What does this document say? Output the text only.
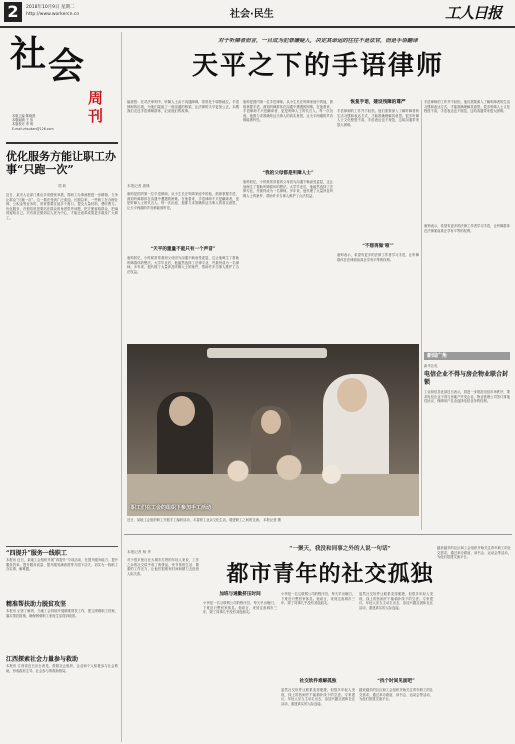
2	2018年10月9日 星期二
http://www.workercn.cn	社会·民生	工人日报
社 会
周
刊
本版主编 陈晓燕
本版编辑 王 伟
本版校对 李 明
E-mail:zhoukan@126.com
优化服务方能让职工办事“只跑一次”
郑 莉
近日，某市人社部门推出多项便民举措，将职工办事流程进一步精简，力争让群众“只跑一次”。这一做法受到广泛欢迎。长期以来，一些职工在办理社保、公积金等业务时，常常需要往返多个窗口，提交大量材料，费时费力。优化服务，归根结底是要站在群众的角度思考问题，把方便留给群众，把麻烦留给自己。只有真正做到以人民为中心，才能让改革成果更多惠及广大职工。
“四提升”服务一线职工
本报讯 近日，某地工会组织开展“四提升”专项活动，在提升服务能力、提升服务效率、提升服务质量、提升服务满意度等方面下功夫，切实为一线职工办实事、解难题。
精准帮扶助力脱贫攻坚
本报讯 记者了解到，当地工会持续开展精准帮扶工作，建立困难职工档案，落实帮扶措施，确保困难职工家庭生活得到改善。
江西探索社会力量参与救助
本报讯 江西省近日出台意见，鼓励社会组织、企业和个人积极参与社会救助，形成政府主导、社会参与的救助格局。
对于听障者而言，一旦成为犯罪嫌疑人，决定其命运的往往不是法官，而是手语翻译
天平之下的手语律师
编者按：在司法审判中，听障人士由于沟通障碍，常常处于弱势地位。手语律师的出现，为他们架起了一座沟通的桥梁，让法律的天平更加公正。本期我们走近手语律师群体，记录他们的故事。
本报记者 唐姝
唐帅是国内第一位手语律师。从小生长在听障家庭中的他，熟练掌握手语，深知听障群体在沟通中遭遇的困难。在他看来，手语律师不只是翻译者，更是听障人士的代言人。每一次出庭，他都力求准确传达当事人的真实意思，让天平两端的声音都能被听见。
“天平的重量不能只有一个声音”
唐帅回忆，小时候常常看到父母因为沟通不畅而受委屈，这让他萌生了帮助听障群体的想法。大学毕业后，他毅然选择了法律专业，并最终成为一名律师。多年来，他代理了大量涉及听障人士的案件，帮助许多当事人维护了合法权益。
唐帅是国内第一位手语律师。从小生长在听障家庭中的他，熟练掌握手语，深知听障群体在沟通中遭遇的困难。在他看来，手语律师不只是翻译者，更是听障人士的代言人。每一次出庭，他都力求准确传达当事人的真实意思，让天平两端的声音都能被听见。
“我的父母都是听障人士”
唐帅回忆，小时候常常看到父母因为沟通不畅而受委屈，这让他萌生了帮助听障群体的想法。大学毕业后，他毅然选择了法律专业，并最终成为一名律师。多年来，他代理了大量涉及听障人士的案件，帮助许多当事人维护了合法权益。
恢复手语，建设残障的尊严
手语律师的工作并不轻松。他们需要深入了解听障者的生活习惯和表达方式，才能准确理解其意思。很多听障人士文化程度不高，手语表达也不规范，这给沟通带来很大困难。
“不想再做‘哑’”
唐帅表示，希望有更多的法律工作者学习手语，让听障群体在法律面前真正享有平等的权利。
手语律师的工作并不轻松。他们需要深入了解听障者的生活习惯和表达方式，才能准确理解其意思。很多听障人士文化程度不高，手语表达也不规范，这给沟通带来很大困难。
唐帅表示，希望有更多的法律工作者学习手语，让听障群体在法律面前真正享有平等的权利。
新闻广角
新华社电
电信企业不得与房企物业联合封锁
工业和信息化部近日表示，将进一步规范电信市场秩序，要求电信企业不得与房地产开发企业、物业管理公司签订排他性协议，保障用户自由选择电信业务的权利。
职工们在工会的组织下参加手工活动
近日，某地工会组织职工开展手工编织活动，丰富职工业余文化生活，增进职工之间的交流。 本报记者 摄
“一聚天，我没和同事之外的人说一句话”
都市青年的社交孤独
本报记者 杨 华
对于很多独自在大城市打拼的年轻人来说，工作之余的社交似乎成了奢侈品。快节奏的生活、繁重的工作压力，让他们很难有时间和精力去经营人际关系。
加班与通勤挤压时间
小李是一名互联网公司的程序员，每天早出晚归，下班后只想回家休息。他坦言，来到这座城市三年，除了同事几乎没有其他朋友。
小李是一名互联网公司的程序员，每天早出晚归，下班后只想回家休息。他坦言，来到这座城市三年，除了同事几乎没有其他朋友。
社交软件难解孤独
虽然社交软件让联系变得便捷，但很多年轻人发现，线上的热闹并不能填补线下的空虚。专家建议，年轻人应当主动走出去，参加兴趣社团和社区活动，重建真实的人际连接。
虽然社交软件让联系变得便捷，但很多年轻人发现，线上的热闹并不能填补线下的空虚。专家建议，年轻人应当主动走出去，参加兴趣社团和社区活动，重建真实的人际连接。
“找个时间见面吧”
越来越多的社区和工会组织开始关注青年职工的社交需求，通过举办联谊、读书会、运动会等活动，为他们搭建交流平台。
越来越多的社区和工会组织开始关注青年职工的社交需求，通过举办联谊、读书会、运动会等活动，为他们搭建交流平台。
